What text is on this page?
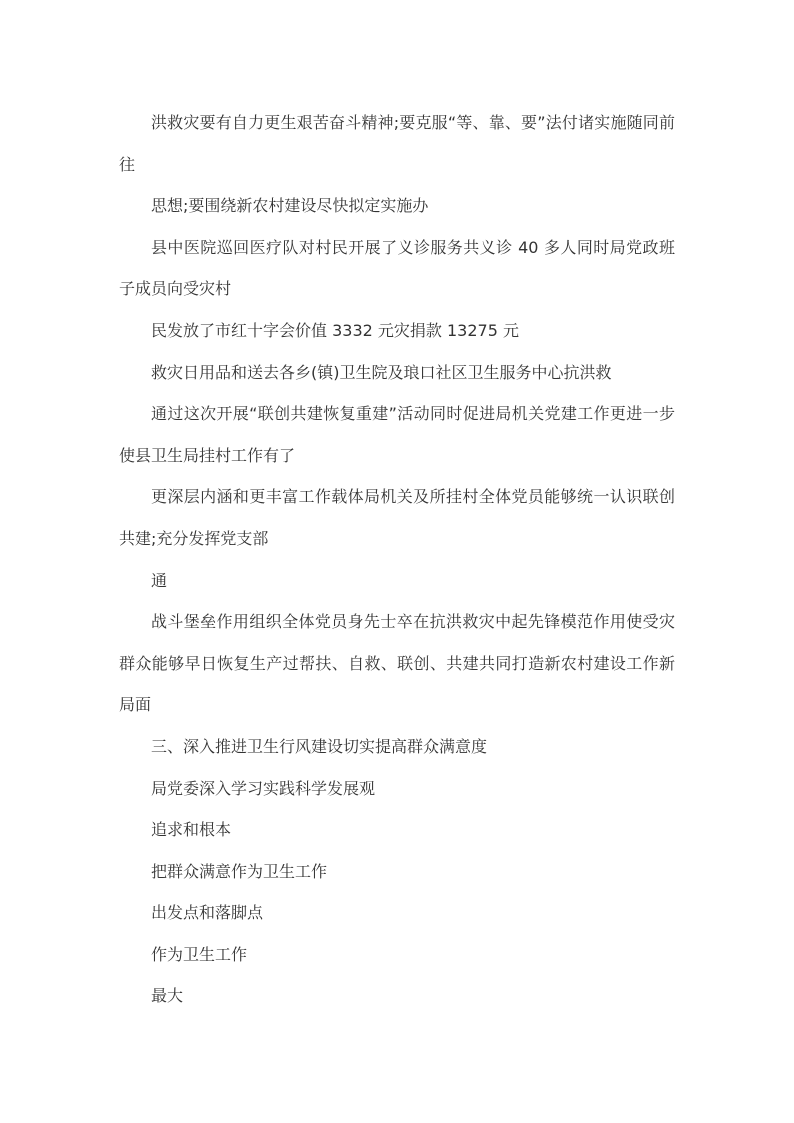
洪救灾要有自力更生艰苦奋斗精神;要克服“等、靠、要”法付诸实施随同前往

思想;要围绕新农村建设尽快拟定实施办

县中医院巡回医疗队对村民开展了义诊服务共义诊 40 多人同时局党政班子成员向受灾村

民发放了市红十字会价值 3332 元灾捐款 13275 元

救灾日用品和送去各乡(镇)卫生院及琅口社区卫生服务中心抗洪救

通过这次开展“联创共建恢复重建”活动同时促进局机关党建工作更进一步使县卫生局挂村工作有了

更深层内涵和更丰富工作载体局机关及所挂村全体党员能够统一认识联创共建;充分发挥党支部

通

战斗堡垒作用组织全体党员身先士卒在抗洪救灾中起先锋模范作用使受灾群众能够早日恢复生产过帮扶、自救、联创、共建共同打造新农村建设工作新局面

三、深入推进卫生行风建设切实提高群众满意度

局党委深入学习实践科学发展观

追求和根本

把群众满意作为卫生工作

出发点和落脚点

作为卫生工作

最大
